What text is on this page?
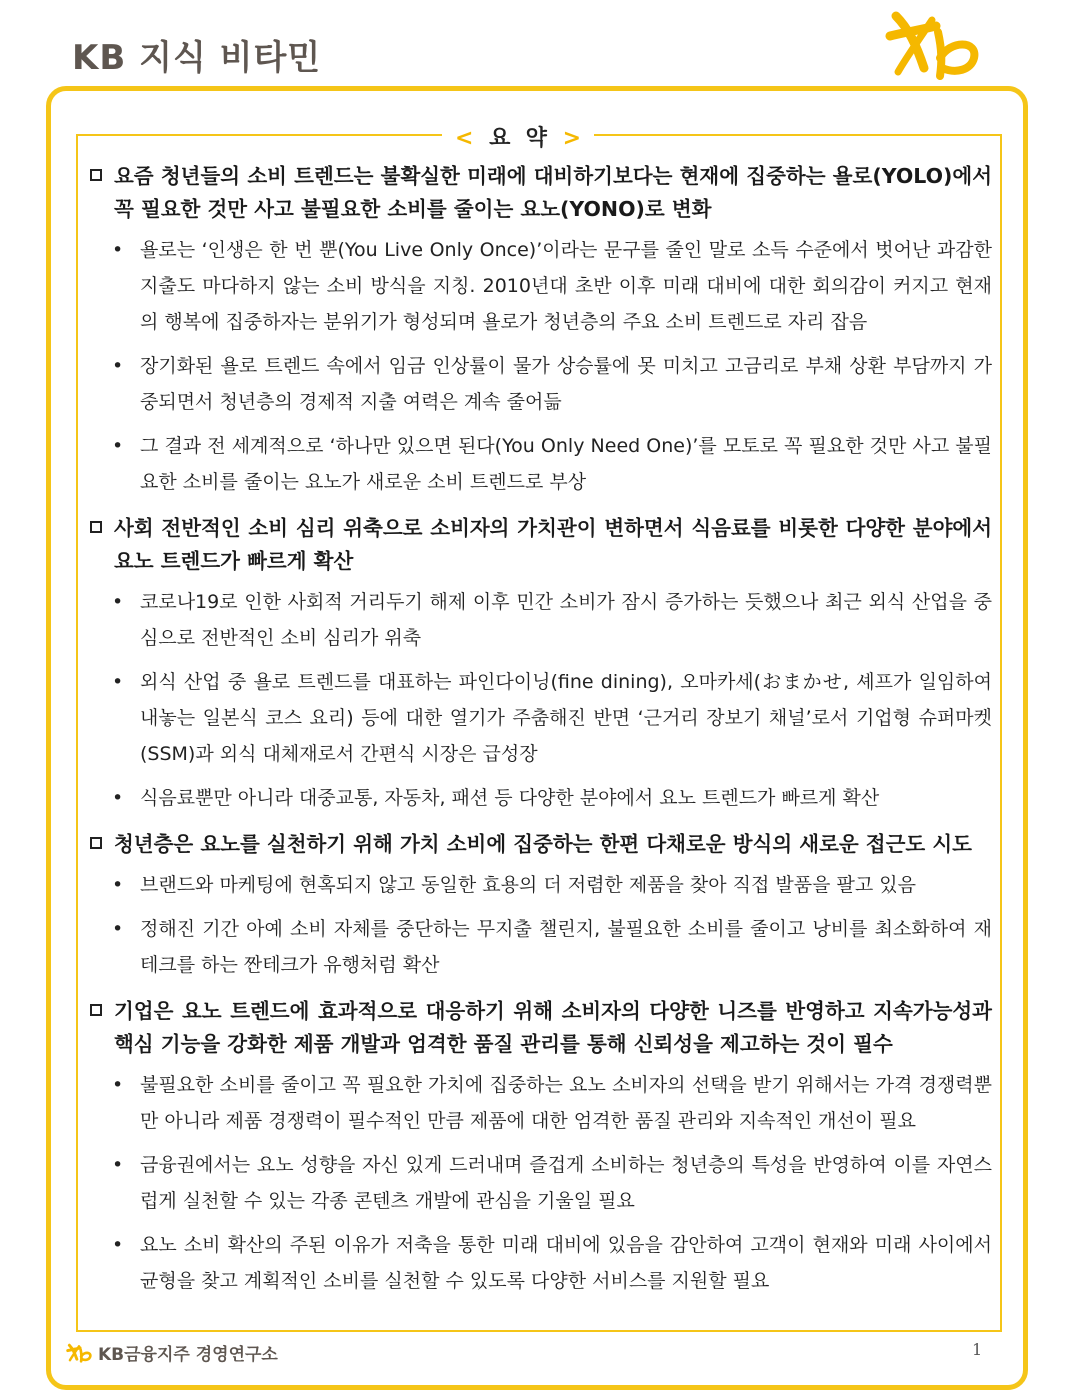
KB 지식 비타민
< 요  약 >
요즘 청년들의 소비 트렌드는 불확실한 미래에 대비하기보다는 현재에 집중하는 욜로(YOLO)에서 꼭 필요한 것만 사고 불필요한 소비를 줄이는 요노(YONO)로 변화
• 욜로는 ‘인생은 한 번 뿐(You Live Only Once)’이라는 문구를 줄인 말로 소득 수준에서 벗어난 과감한 지출도 마다하지 않는 소비 방식을 지칭. 2010년대 초반 이후 미래 대비에 대한 회의감이 커지고 현재의 행복에 집중하자는 분위기가 형성되며 욜로가 청년층의 주요 소비 트렌드로 자리 잡음
• 장기화된 욜로 트렌드 속에서 임금 인상률이 물가 상승률에 못 미치고 고금리로 부채 상환 부담까지 가중되면서 청년층의 경제적 지출 여력은 계속 줄어듦
• 그 결과 전 세계적으로 ‘하나만 있으면 된다(You Only Need One)’를 모토로 꼭 필요한 것만 사고 불필요한 소비를 줄이는 요노가 새로운 소비 트렌드로 부상
사회 전반적인 소비 심리 위축으로 소비자의 가치관이 변하면서 식음료를 비롯한 다양한 분야에서 요노 트렌드가 빠르게 확산
• 코로나19로 인한 사회적 거리두기 해제 이후 민간 소비가 잠시 증가하는 듯했으나 최근 외식 산업을 중심으로 전반적인 소비 심리가 위축
• 외식 산업 중 욜로 트렌드를 대표하는 파인다이닝(fine dining), 오마카세(おまかせ, 셰프가 일임하여 내놓는 일본식 코스 요리) 등에 대한 열기가 주춤해진 반면 ‘근거리 장보기 채널’로서 기업형 슈퍼마켓(SSM)과 외식 대체재로서 간편식 시장은 급성장
• 식음료뿐만 아니라 대중교통, 자동차, 패션 등 다양한 분야에서 요노 트렌드가 빠르게 확산
청년층은 요노를 실천하기 위해 가치 소비에 집중하는 한편 다채로운 방식의 새로운 접근도 시도
• 브랜드와 마케팅에 현혹되지 않고 동일한 효용의 더 저렴한 제품을 찾아 직접 발품을 팔고 있음
• 정해진 기간 아예 소비 자체를 중단하는 무지출 챌린지, 불필요한 소비를 줄이고 낭비를 최소화하여 재테크를 하는 짠테크가 유행처럼 확산
기업은 요노 트렌드에 효과적으로 대응하기 위해 소비자의 다양한 니즈를 반영하고 지속가능성과 핵심 기능을 강화한 제품 개발과 엄격한 품질 관리를 통해 신뢰성을 제고하는 것이 필수
• 불필요한 소비를 줄이고 꼭 필요한 가치에 집중하는 요노 소비자의 선택을 받기 위해서는 가격 경쟁력뿐만 아니라 제품 경쟁력이 필수적인 만큼 제품에 대한 엄격한 품질 관리와 지속적인 개선이 필요
• 금융권에서는 요노 성향을 자신 있게 드러내며 즐겁게 소비하는 청년층의 특성을 반영하여 이를 자연스럽게 실천할 수 있는 각종 콘텐츠 개발에 관심을 기울일 필요
• 요노 소비 확산의 주된 이유가 저축을 통한 미래 대비에 있음을 감안하여 고객이 현재와 미래 사이에서 균형을 찾고 계획적인 소비를 실천할 수 있도록 다양한 서비스를 지원할 필요
KB금융지주 경영연구소	1
